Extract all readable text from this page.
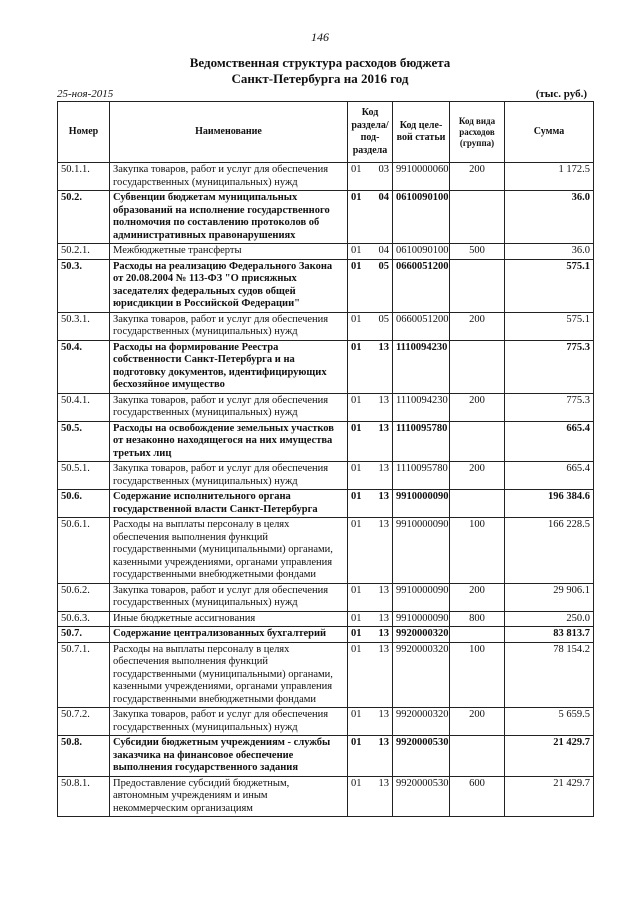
146
Ведомственная структура расходов бюджета
Санкт-Петербурга на 2016 год
25-ноя-2015	(тыс. руб.)
Номер	Наименование	Код раздела/ под-раздела	Код целе-вой статьи	Код вида расходов (группа)	Сумма
50.1.1.	Закупка товаров, работ и услуг для обеспечения государственных (муниципальных) нужд	01 03	9910000060	200	1 172.5
50.2.	Субвенции бюджетам муниципальных образований на исполнение государственного полномочия по составлению протоколов об административных правонарушениях	01 04	0610090100		36.0
50.2.1.	Межбюджетные трансферты	01 04	0610090100	500	36.0
50.3.	Расходы на реализацию Федерального Закона от 20.08.2004 № 113-ФЗ "О присяжных заседателях федеральных судов общей юрисдикции в Российской Федерации"	01 05	0660051200		575.1
50.3.1.	Закупка товаров, работ и услуг для обеспечения государственных (муниципальных) нужд	01 05	0660051200	200	575.1
50.4.	Расходы на формирование Реестра собственности Санкт-Петербурга и на подготовку документов, идентифицирующих бесхозяйное имущество	01 13	1110094230		775.3
50.4.1.	Закупка товаров, работ и услуг для обеспечения государственных (муниципальных) нужд	01 13	1110094230	200	775.3
50.5.	Расходы на освобождение земельных участков от незаконно находящегося на них имущества третьих лиц	01 13	1110095780		665.4
50.5.1.	Закупка товаров, работ и услуг для обеспечения государственных (муниципальных) нужд	01 13	1110095780	200	665.4
50.6.	Содержание исполнительного органа государственной власти Санкт-Петербурга	01 13	9910000090		196 384.6
50.6.1.	Расходы на выплаты персоналу в целях обеспечения выполнения функций государственными (муниципальными) органами, казенными учреждениями, органами управления государственными внебюджетными фондами	01 13	9910000090	100	166 228.5
50.6.2.	Закупка товаров, работ и услуг для обеспечения государственных (муниципальных) нужд	01 13	9910000090	200	29 906.1
50.6.3.	Иные бюджетные ассигнования	01 13	9910000090	800	250.0
50.7.	Содержание централизованных бухгалтерий	01 13	9920000320		83 813.7
50.7.1.	Расходы на выплаты персоналу в целях обеспечения выполнения функций государственными (муниципальными) органами, казенными учреждениями, органами управления государственными внебюджетными фондами	01 13	9920000320	100	78 154.2
50.7.2.	Закупка товаров, работ и услуг для обеспечения государственных (муниципальных) нужд	01 13	9920000320	200	5 659.5
50.8.	Субсидии бюджетным учреждениям - службы заказчика на финансовое обеспечение выполнения государственного задания	01 13	9920000530		21 429.7
50.8.1.	Предоставление субсидий бюджетным, автономным учреждениям и иным некоммерческим организациям	01 13	9920000530	600	21 429.7
